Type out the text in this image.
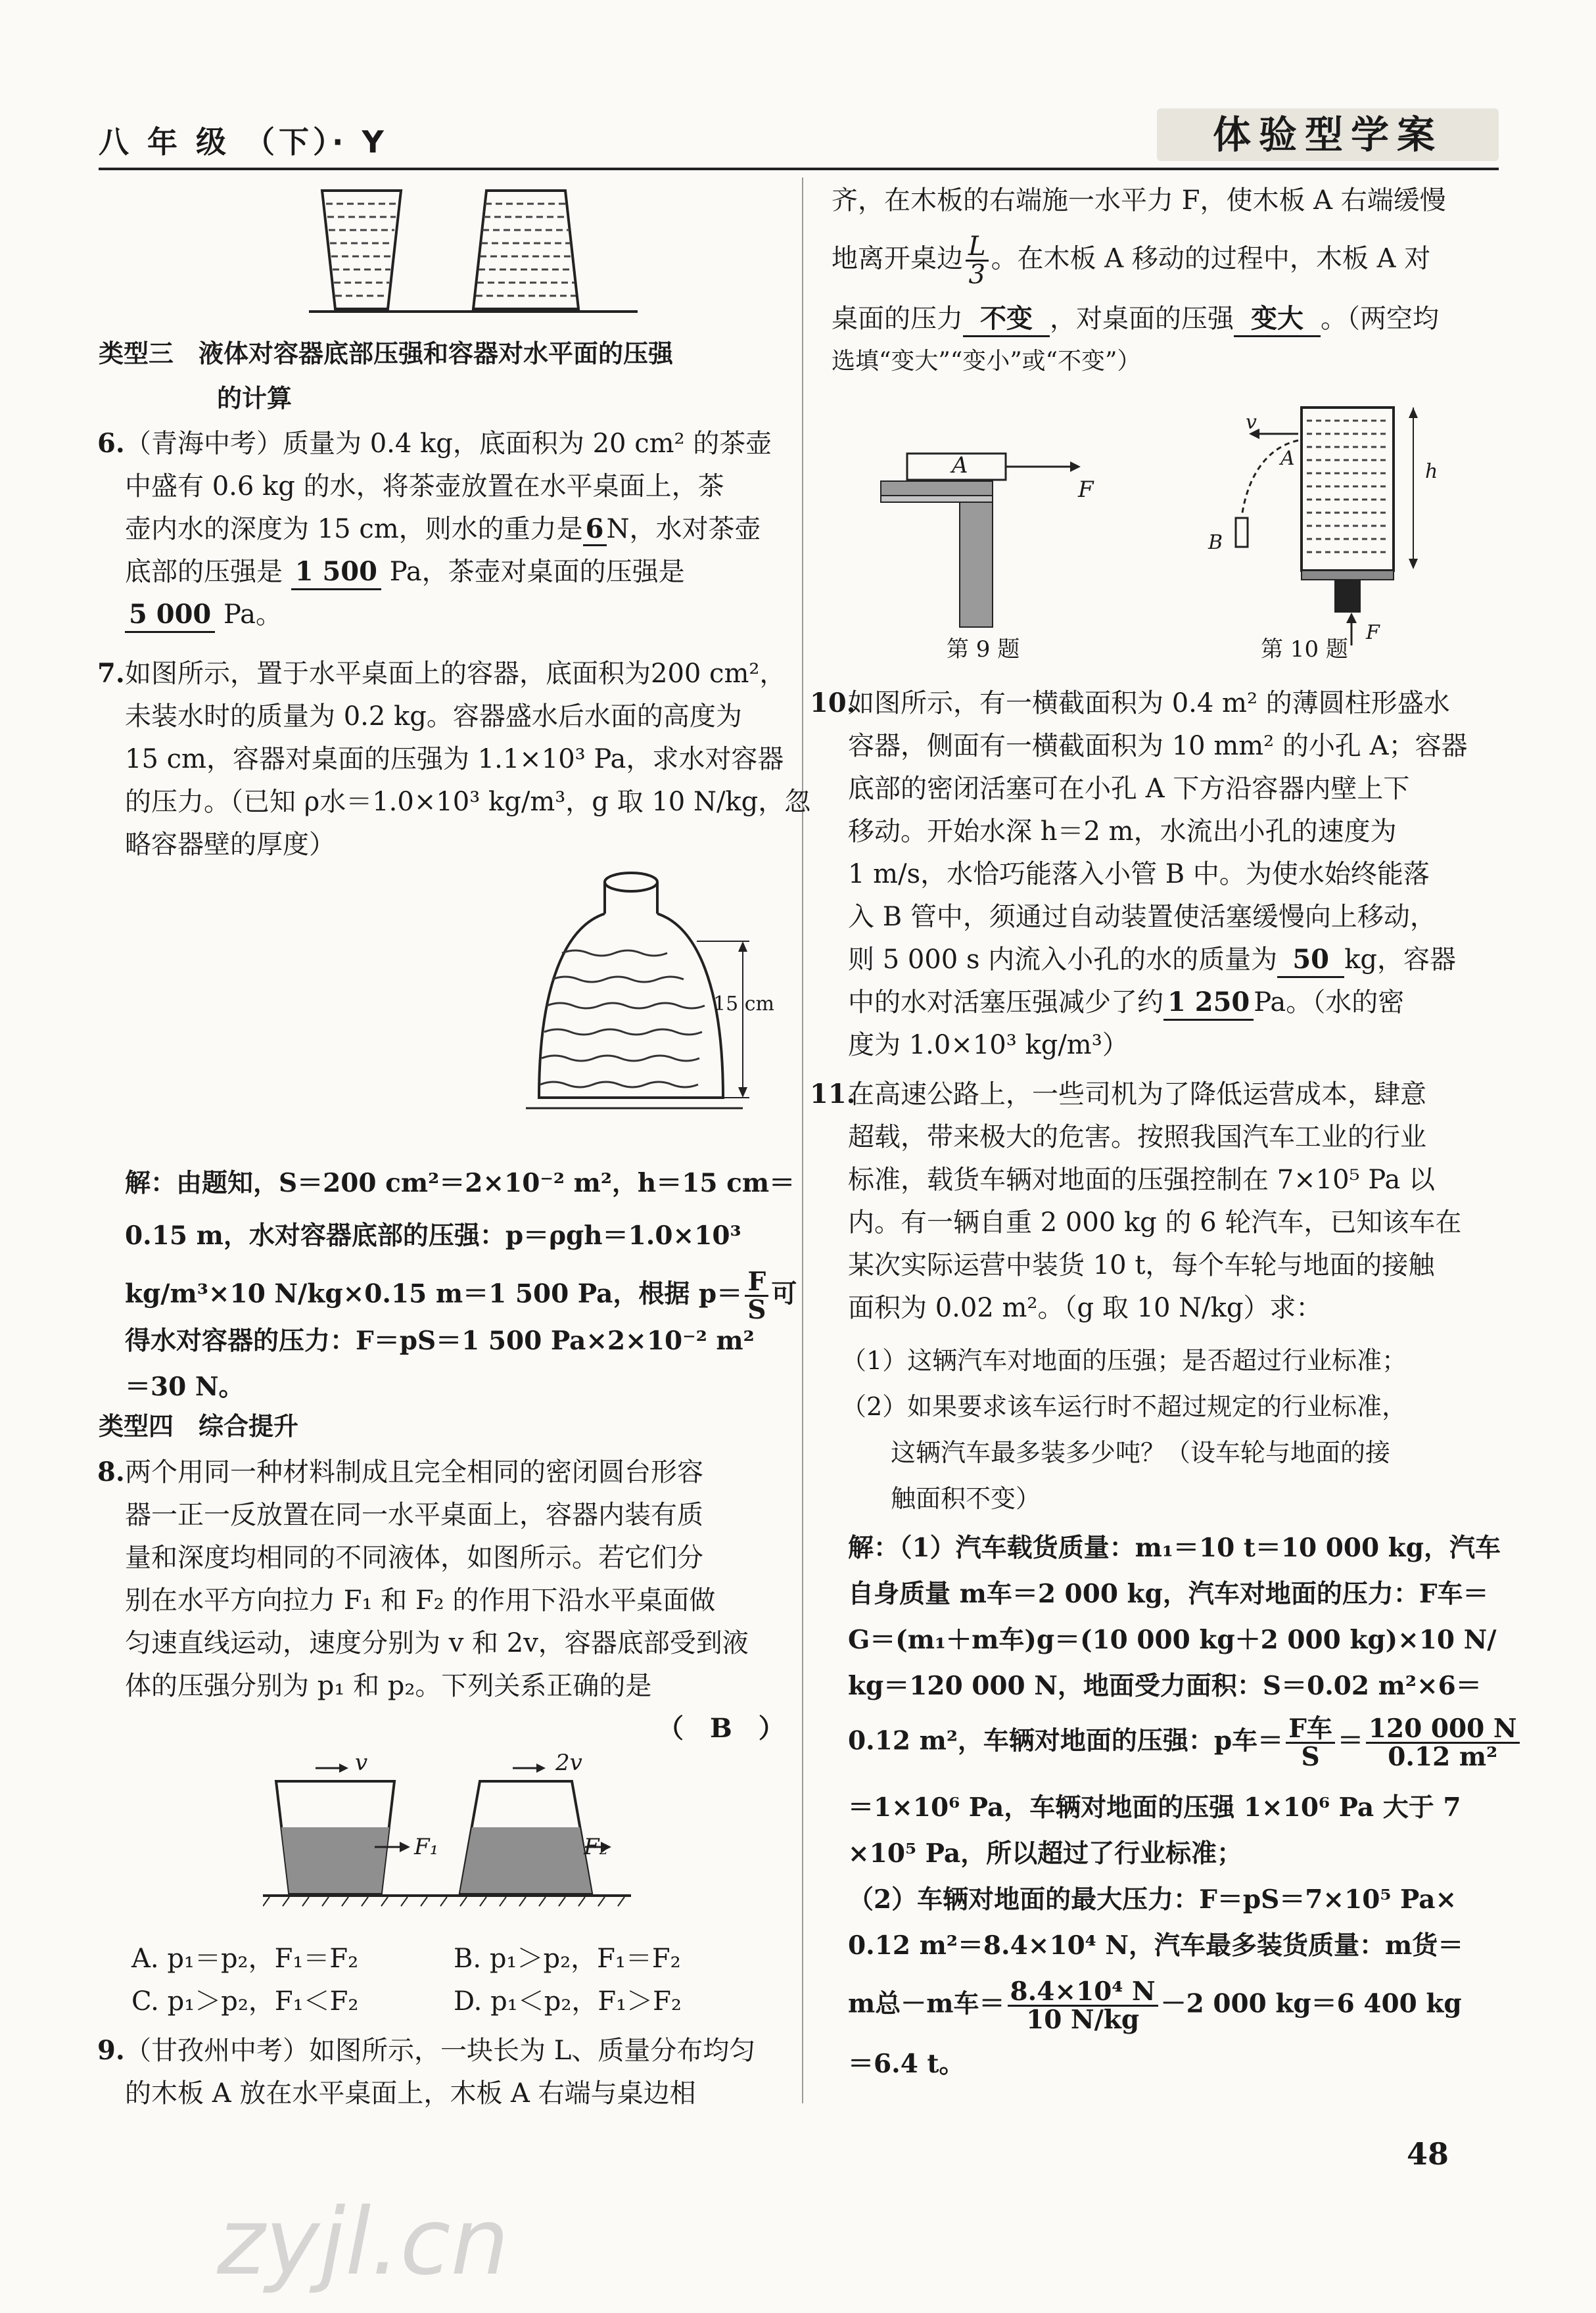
八 年 级 （下）· Y	体验型学案
类型三　液体对容器底部压强和容器对水平面的压强
的计算
6. （青海中考）质量为 0.4 kg，底面积为 20 cm² 的茶壶
中盛有 0.6 kg 的水，将茶壶放置在水平桌面上，茶
壶内水的深度为 15 cm，则水的重力是 6 N，水对茶壶
底部的压强是 1 500 Pa，茶壶对桌面的压强是
5 000 Pa。
7. 如图所示，置于水平桌面上的容器，底面积为200 cm²，
未装水时的质量为 0.2 kg。容器盛水后水面的高度为
15 cm，容器对桌面的压强为 1.1×10³ Pa，求水对容器
的压力。（已知 ρ水＝1.0×10³ kg/m³，g 取 10 N/kg，忽
略容器壁的厚度）
15 cm
解：由题知，S＝200 cm²＝2×10⁻² m²，h＝15 cm＝
0.15 m，水对容器底部的压强：p＝ρgh＝1.0×10³
kg/m³×10 N/kg×0.15 m＝1 500 Pa，根据 $p= \frac{F}{S}$ 可
得水对容器的压力：F＝pS＝1 500 Pa×2×10⁻² m²
＝30 N。
类型四　综合提升
8. 两个用同一种材料制成且完全相同的密闭圆台形容
器一正一反放置在同一水平桌面上，容器内装有质
量和深度均相同的不同液体，如图所示。若它们分
别在水平方向拉力 F₁ 和 F₂ 的作用下沿水平桌面做
匀速直线运动，速度分别为 v 和 2v，容器底部受到液
体的压强分别为 p₁ 和 p₂。下列关系正确的是
（　B　）
v	2v
F₁	F₂
A. p₁＝p₂，F₁＝F₂	B. p₁＞p₂，F₁＝F₂
C. p₁＞p₂，F₁＜F₂	D. p₁＜p₂，F₁＞F₂
9. （甘孜州中考）如图所示，一块长为 L、质量分布均匀
的木板 A 放在水平桌面上，木板 A 右端与桌边相
齐，在木板的右端施一水平力 F，使木板 A 右端缓慢
地离开桌边 $\frac{L}{3}$ 。在木板 A 移动的过程中，木板 A 对
桌面的压力 不变 ，对桌面的压强 变大 。（两空均
选填“变大”“变小”或“不变”）
A
F
第 9 题
v
A
h
B
F
第 10 题
10.
如图所示，有一横截面积为 0.4 m² 的薄圆柱形盛水
容器，侧面有一横截面积为 10 mm² 的小孔 A；容器
底部的密闭活塞可在小孔 A 下方沿容器内壁上下
移动。开始水深 h＝2 m，水流出小孔的速度为
1 m/s，水恰巧能落入小管 B 中。为使水始终能落
入 B 管中，须通过自动装置使活塞缓慢向上移动，
则 5 000 s 内流入小孔的水的质量为 50 kg，容器
中的水对活塞压强减少了约 1 250 Pa。（水的密
度为 1.0×10³ kg/m³）
11.
在高速公路上，一些司机为了降低运营成本，肆意
超载，带来极大的危害。按照我国汽车工业的行业
标准，载货车辆对地面的压强控制在 7×10⁵ Pa 以
内。有一辆自重 2 000 kg 的 6 轮汽车，已知该车在
某次实际运营中装货 10 t，每个车轮与地面的接触
面积为 0.02 m²。（g 取 10 N/kg）求：
（1）这辆汽车对地面的压强；是否超过行业标准；
（2）如果要求该车运行时不超过规定的行业标准，
这辆汽车最多装多少吨？（设车轮与地面的接
触面积不变）
解：（1）汽车载货质量：m₁＝10 t＝10 000 kg，汽车
自身质量 m车＝2 000 kg，汽车对地面的压力：F车＝
G＝(m₁＋m车)g＝(10 000 kg＋2 000 kg)×10 N/
kg＝120 000 N，地面受力面积：S＝0.02 m²×6＝
0.12 m²，车辆对地面的压强：p车＝ $\frac{\text{F车}}{S} = \frac{120 000 N}{\text{0.12 m²}}$
＝1×10⁶ Pa，车辆对地面的压强 1×10⁶ Pa 大于 7
×10⁵ Pa，所以超过了行业标准；
（2）车辆对地面的最大压力：F＝pS＝7×10⁵ Pa×
0.12 m²＝8.4×10⁴ N，汽车最多装货质量：m货＝
m总－m车＝ $\frac{\text{8.4×10⁴ N}}{10 N/kg} -2$ 000 kg＝6 400 kg
＝6.4 t。
48
zyjl.cn
